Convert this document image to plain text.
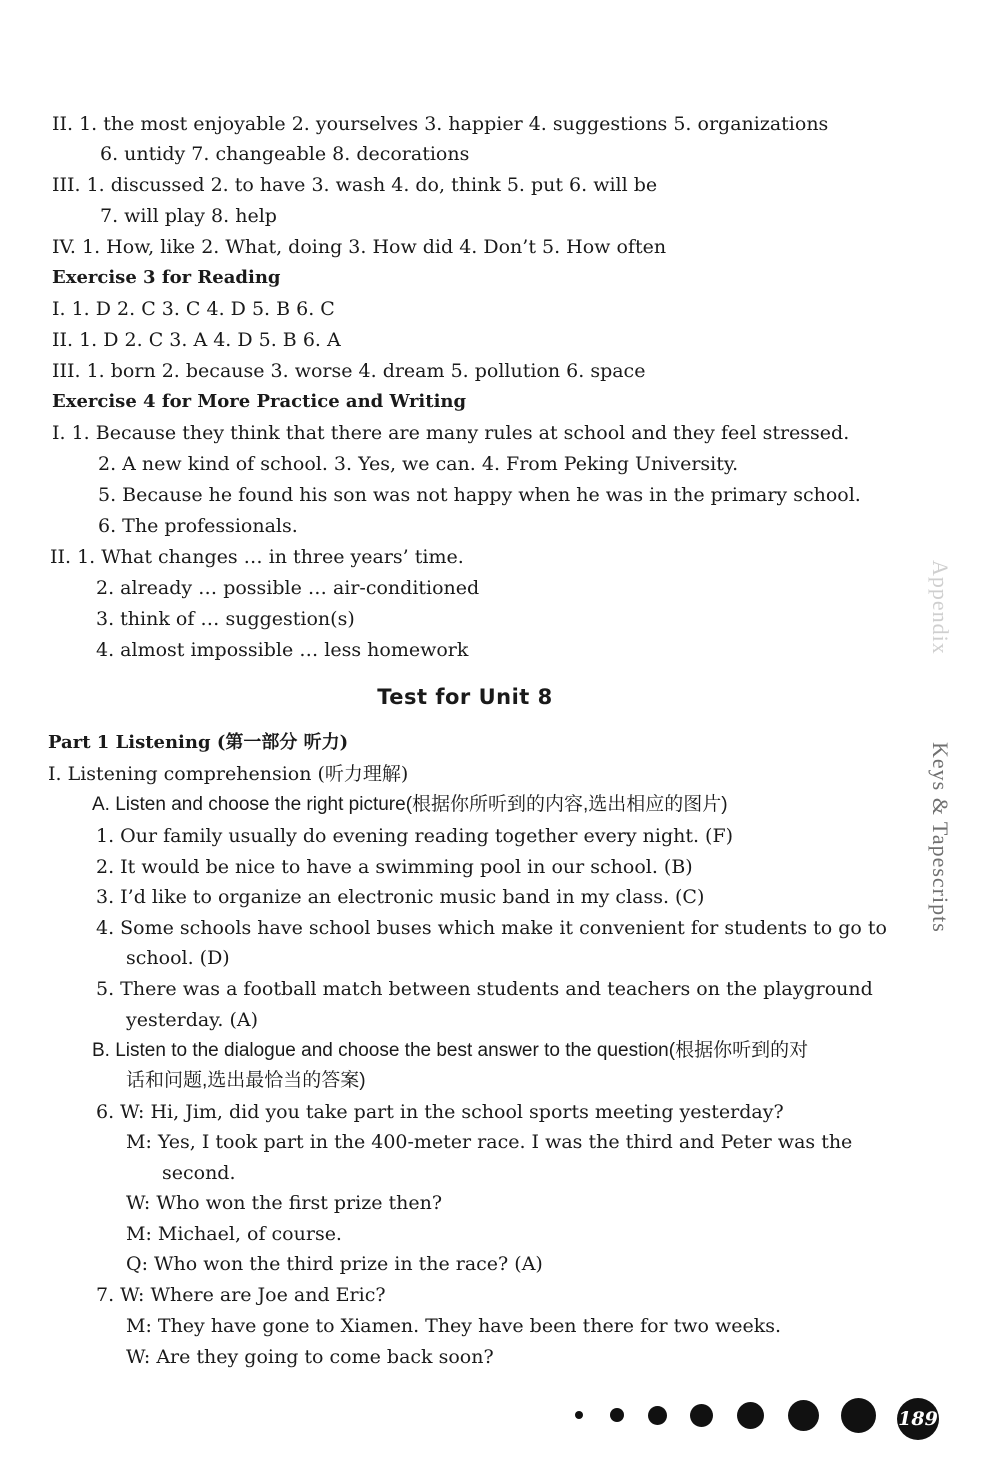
II. 1. the most enjoyable 2. yourselves 3. happier 4. suggestions 5. organizations
6. untidy 7. changeable 8. decorations
III. 1. discussed 2. to have 3. wash 4. do, think 5. put 6. will be
7. will play 8. help
IV. 1. How, like 2. What, doing 3. How did 4. Don’t 5. How often
Exercise 3 for Reading
I. 1. D 2. C 3. C 4. D 5. B 6. C
II. 1. D 2. C 3. A 4. D 5. B 6. A
III. 1. born 2. because 3. worse 4. dream 5. pollution 6. space
Exercise 4 for More Practice and Writing
I. 1. Because they think that there are many rules at school and they feel stressed.
2. A new kind of school. 3. Yes, we can. 4. From Peking University.
5. Because he found his son was not happy when he was in the primary school.
6. The professionals.
II. 1. What changes … in three years’ time.
2. already … possible … air-conditioned
3. think of … suggestion(s)
4. almost impossible … less homework
Test for Unit 8
Part 1 Listening (第一部分 听力)
I. Listening comprehension (听力理解)
A. Listen and choose the right picture(根据你所听到的内容,选出相应的图片)
1. Our family usually do evening reading together every night. (F)
2. It would be nice to have a swimming pool in our school. (B)
3. I’d like to organize an electronic music band in my class. (C)
4. Some schools have school buses which make it convenient for students to go to
school. (D)
5. There was a football match between students and teachers on the playground
yesterday. (A)
B. Listen to the dialogue and choose the best answer to the question(根据你听到的对
话和问题,选出最恰当的答案)
6. W: Hi, Jim, did you take part in the school sports meeting yesterday?
M: Yes, I took part in the 400-meter race. I was the third and Peter was the
second.
W: Who won the first prize then?
M: Michael, of course.
Q: Who won the third prize in the race? (A)
7. W: Where are Joe and Eric?
M: They have gone to Xiamen. They have been there for two weeks.
W: Are they going to come back soon?
Appendix
Keys & Tapescripts
189
